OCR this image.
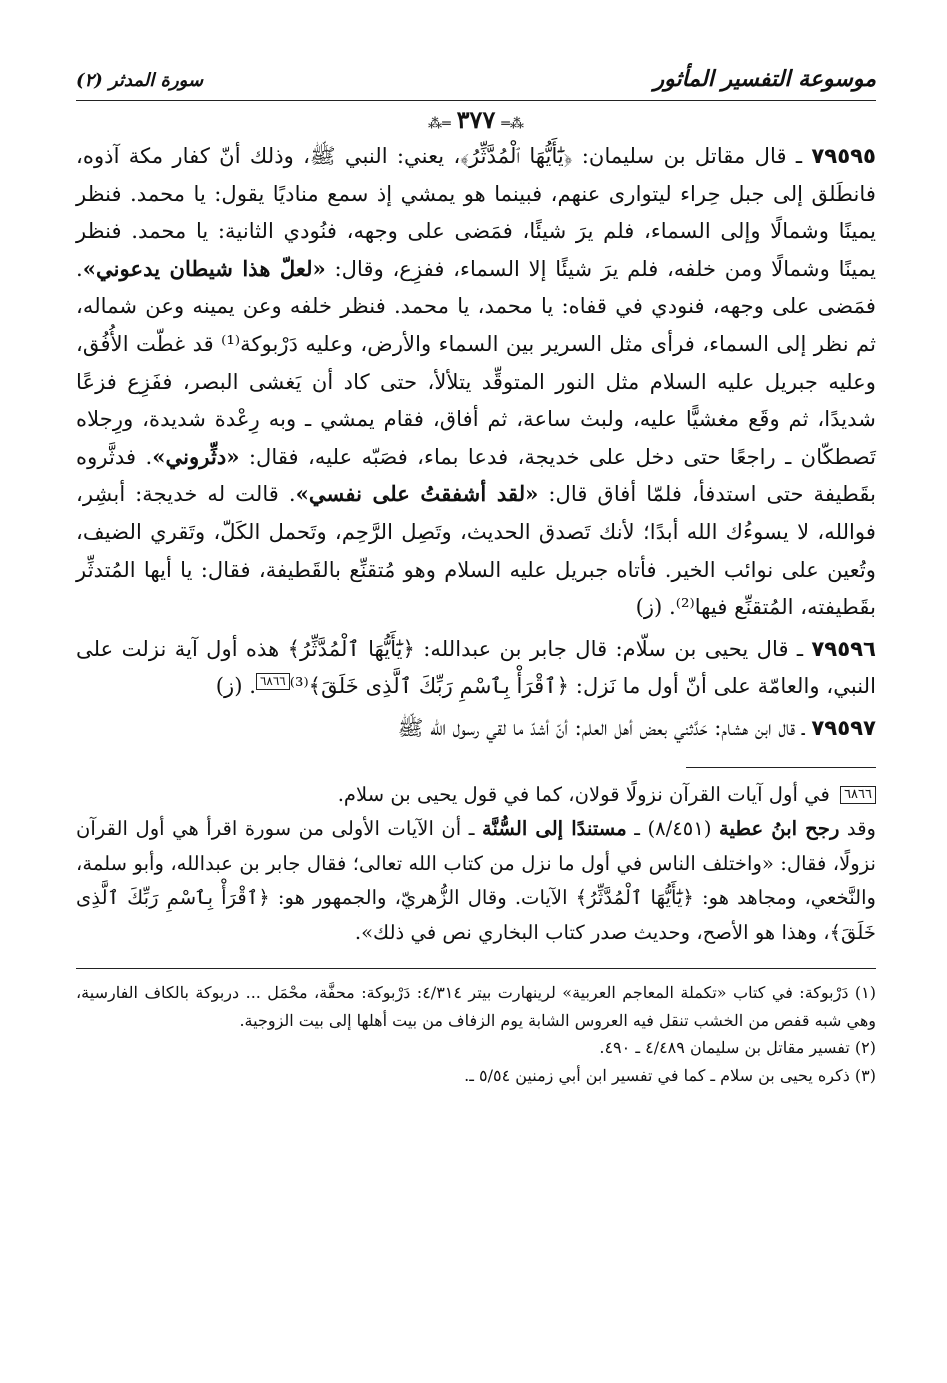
موسوعة التفسير المأثور
سورة المدثر (٢)
⁂═٣٧٧═⁂

٧٩٥٩٥ ـ قال مقاتل بن سليمان: ﴿يَٰٓأَيُّهَا ٱلْمُدَّثِّرُ﴾، يعني: النبي ﷺ، وذلك أنّ كفار مكة آذوه، فانطَلق إلى جبل حِراء ليتوارى عنهم، فبينما هو يمشي إذ سمع مناديًا يقول: يا محمد. فنظر يمينًا وشمالًا وإلى السماء، فلم يرَ شيئًا، فمَضى على وجهه، فنُودي الثانية: يا محمد. فنظر يمينًا وشمالًا ومن خلفه، فلم يرَ شيئًا إلا السماء، ففزِع، وقال: «لعلّ هذا شيطان يدعوني». فمَضى على وجهه، فنودي في قفاه: يا محمد، يا محمد. فنظر خلفه وعن يمينه وعن شماله، ثم نظر إلى السماء، فرأى مثل السرير بين السماء والأرض، وعليه دَرْبوكة⁽¹⁾ قد غطّت الأُفُق، وعليه جبريل عليه السلام مثل النور المتوقِّد يتلألأ، حتى كاد أن يَغشى البصر، ففَزِع فزعًا شديدًا، ثم وقَع مغشيًّا عليه، ولبث ساعة، ثم أفاق، فقام يمشي ـ وبه رِعْدة شديدة، ورِجلاه تَصطكّان ـ راجعًا حتى دخل على خديجة، فدعا بماء، فصَبّه عليه، فقال: «دثِّروني». فدثَّروه بقَطيفة حتى استدفأ، فلمّا أفاق قال: «لقد أشفقتُ على نفسي». قالت له خديجة: أبشِر، فوالله، لا يسوءُك الله أبدًا؛ لأنك تَصدق الحديث، وتَصِل الرَّحِم، وتَحمل الكَلّ، وتَقري الضيف، وتُعين على نوائب الخير. فأتاه جبريل عليه السلام وهو مُتقنِّع بالقَطيفة، فقال: يا أيها المُتدثِّر بقَطيفته، المُتقنِّع فيها⁽²⁾. (ز)

٧٩٥٩٦ ـ قال يحيى بن سلّام: قال جابر بن عبدالله: ﴿يَٰٓأَيُّهَا ٱلْمُدَّثِّرُ﴾ هذه أول آية نزلت على النبي، والعامّة على أنّ أول ما نَزل: ﴿ٱقْرَأْ بِٱسْمِ رَبِّكَ ٱلَّذِى خَلَقَ﴾⁽³⁾٦٨٦٦. (ز)

٧٩٥٩٧ ـ قال ابن هشام: حَدَّثني بعض أهل العلم: أنّ أشدّ ما لقي رسول الله ﷺ

٦٨٦٦ في أول آيات القرآن نزولًا قولان، كما في قول يحيى بن سلام.
وقد رجح ابنُ عطية (٨/٤٥١) ـ مستندًا إلى السُّنَّة ـ أن الآيات الأولى من سورة اقرأ هي أول القرآن نزولًا، فقال: «واختلف الناس في أول ما نزل من كتاب الله تعالى؛ فقال جابر بن عبدالله، وأبو سلمة، والنَّخعي، ومجاهد هو: ﴿يَٰٓأَيُّهَا ٱلْمُدَّثِّرُ﴾ الآيات. وقال الزُّهريّ، والجمهور هو: ﴿ٱقْرَأْ بِٱسْمِ رَبِّكَ ٱلَّذِى خَلَقَ﴾، وهذا هو الأصح، وحديث صدر كتاب البخاري نص في ذلك».

(١) دَرْبوكة: في كتاب «تكملة المعاجم العربية» لرينهارت بيتر ٤/٣١٤: دَرْبوكة: محفَّة، محْمَل ... دربوكة بالكاف الفارسية، وهي شبه قفص من الخشب تنقل فيه العروس الشابة يوم الزفاف من بيت أهلها إلى بيت الزوجية.

(٢) تفسير مقاتل بن سليمان ٤/٤٨٩ ـ ٤٩٠.

(٣) ذكره يحيى بن سلام ـ كما في تفسير ابن أبي زمنين ٥/٥٤ ـ.
